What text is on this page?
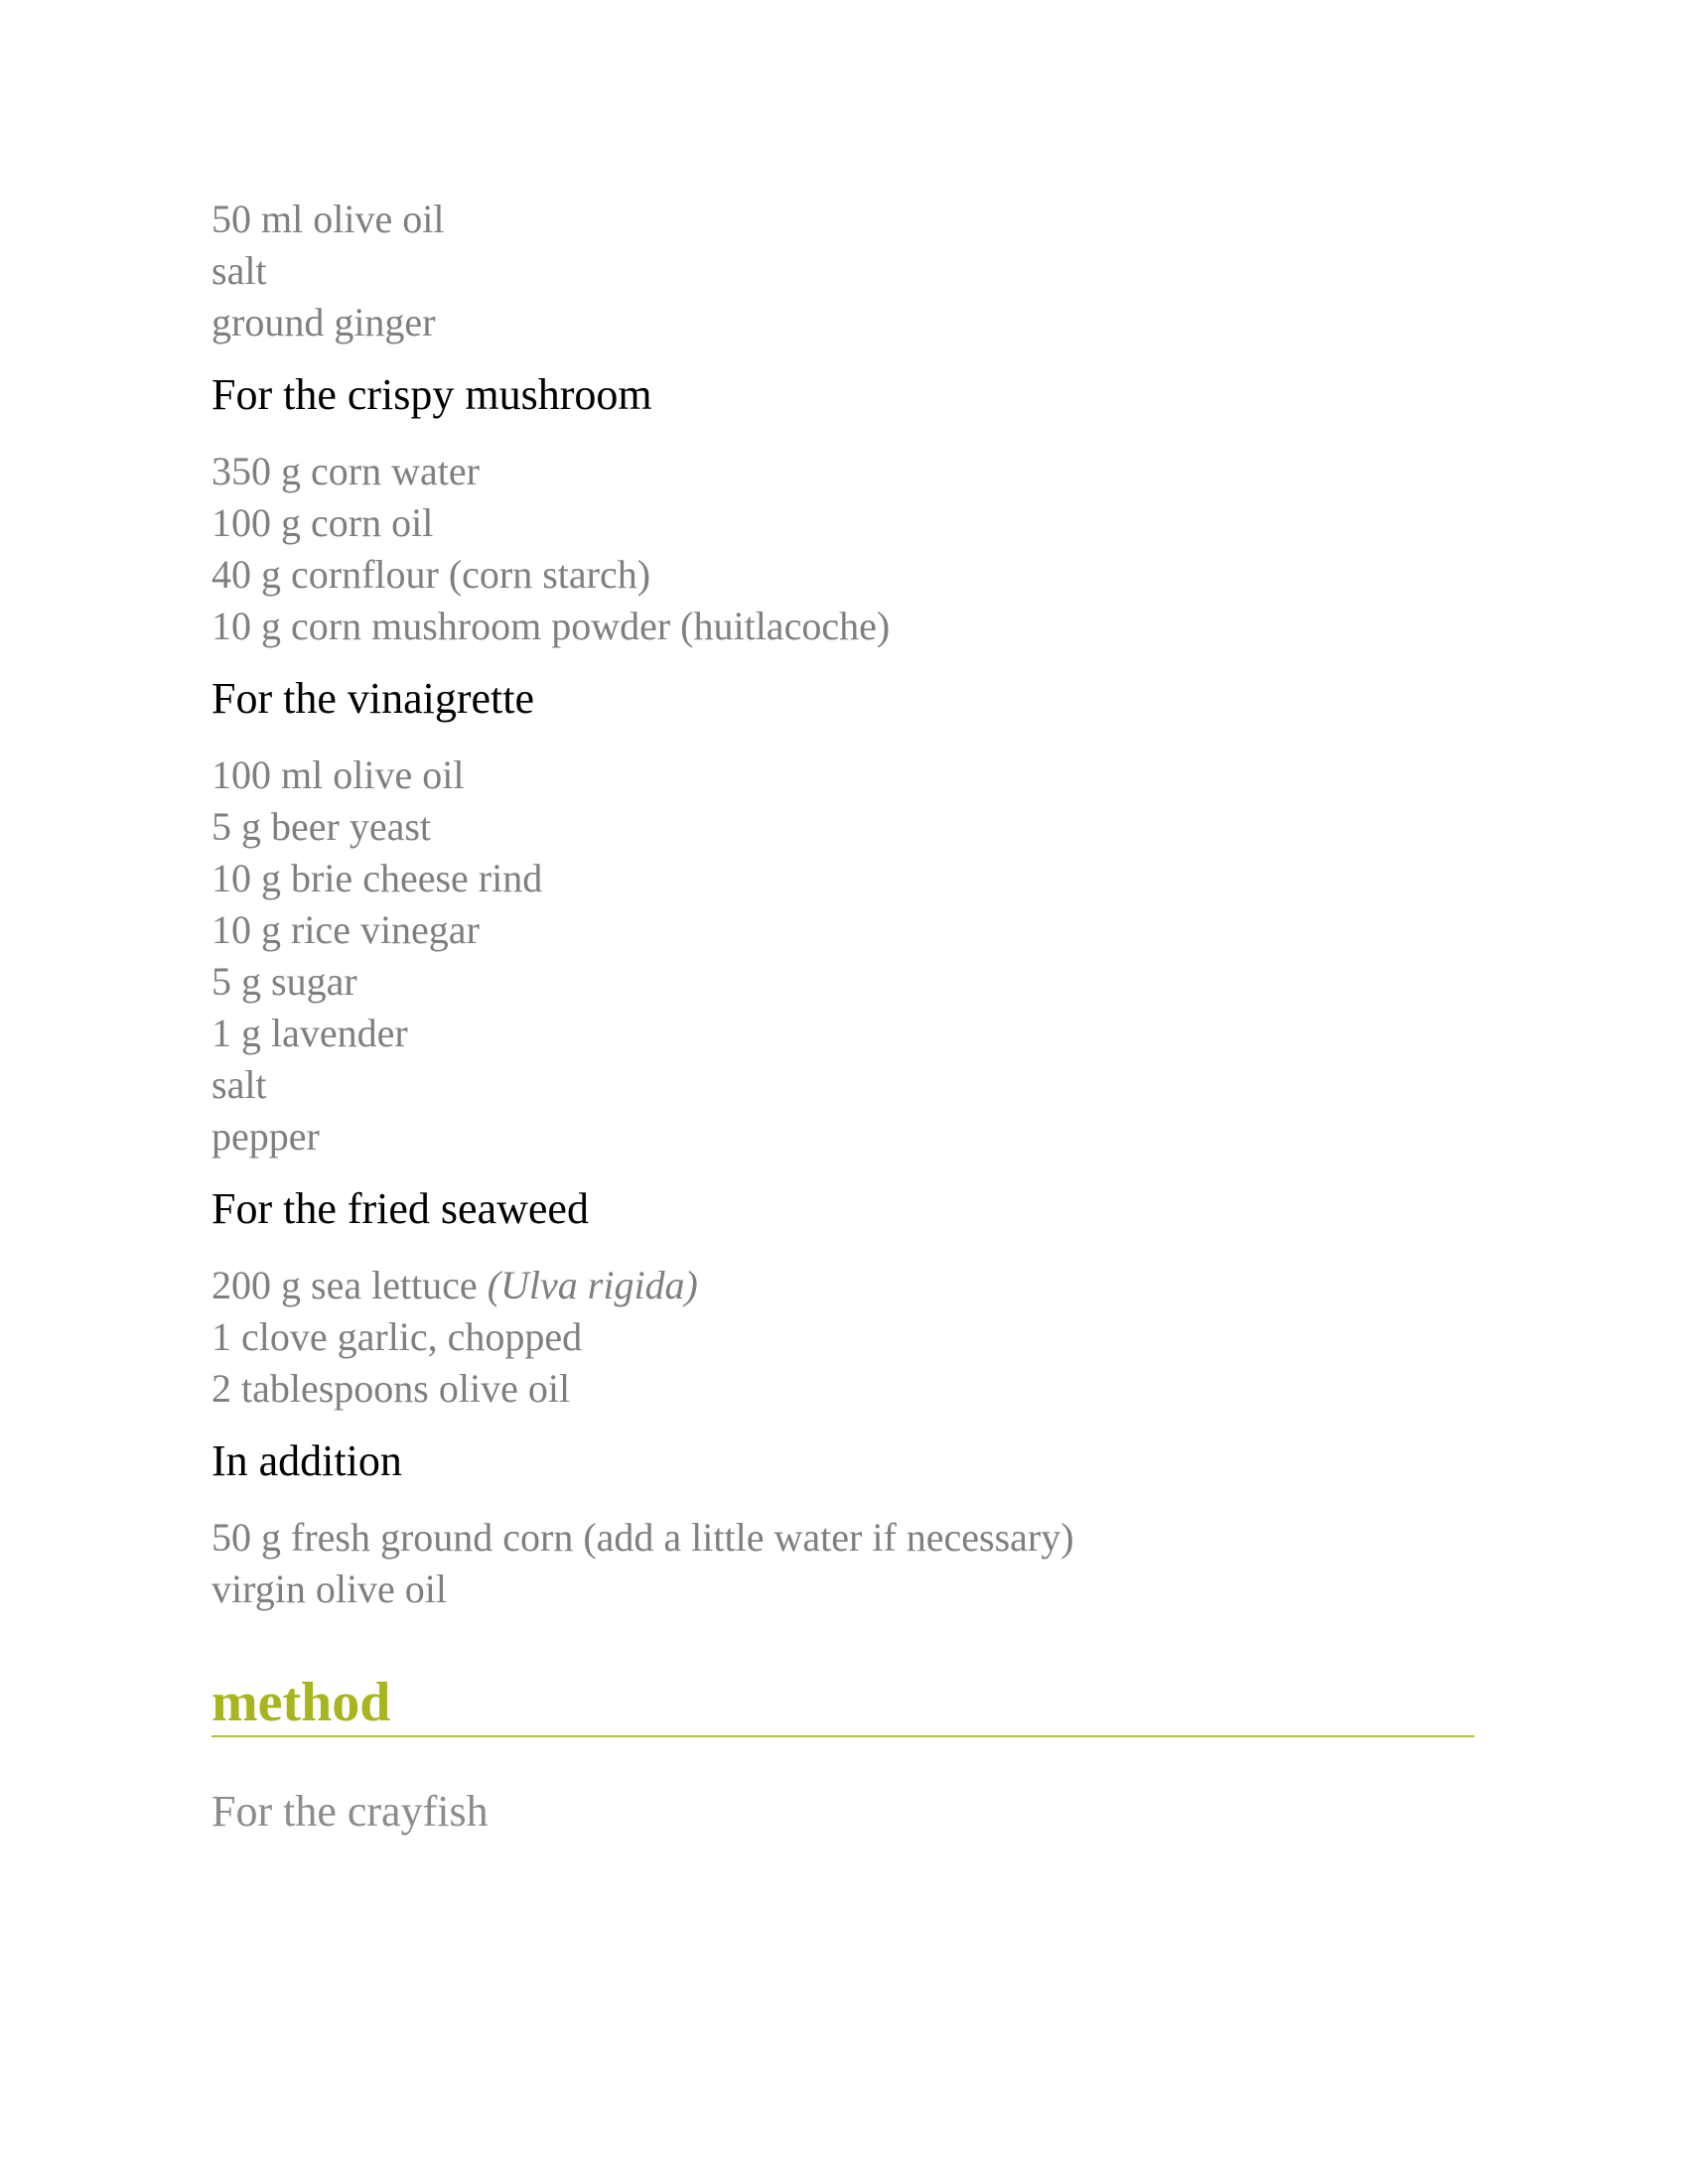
50 ml olive oil
salt
ground ginger
For the crispy mushroom
350 g corn water
100 g corn oil
40 g cornflour (corn starch)
10 g corn mushroom powder (huitlacoche)
For the vinaigrette
100 ml olive oil
5 g beer yeast
10 g brie cheese rind
10 g rice vinegar
5 g sugar
1 g lavender
salt
pepper
For the fried seaweed
200 g sea lettuce (Ulva rigida)
1 clove garlic, chopped
2 tablespoons olive oil
In addition
50 g fresh ground corn (add a little water if necessary)
virgin olive oil
method
For the crayfish
